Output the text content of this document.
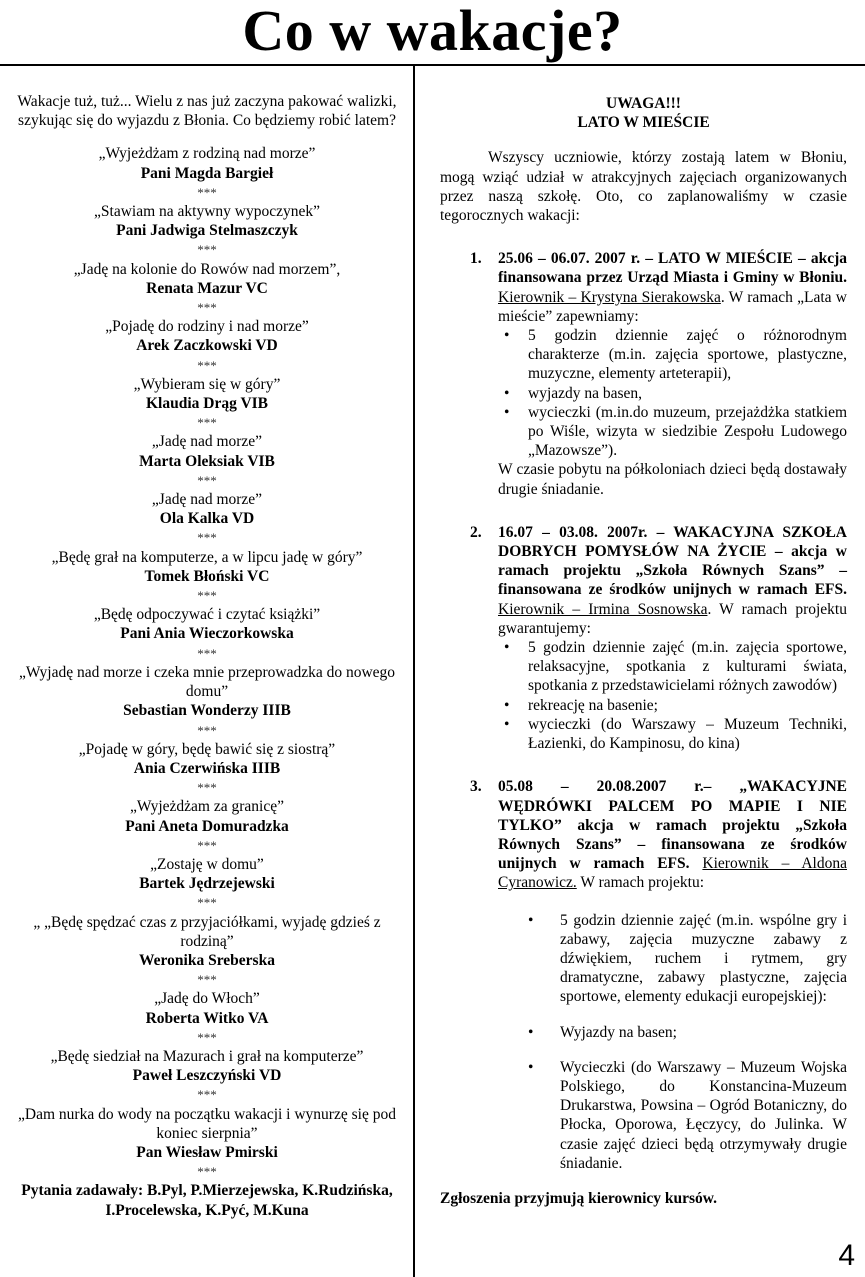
Co w wakacje?
Wakacje tuż, tuż... Wielu z nas już zaczyna pakować walizki, szykując się do wyjazdu z Błonia. Co będziemy robić latem?
„Wyjeżdżam z rodziną nad morze”
Pani Magda Bargieł
***
„Stawiam na aktywny wypoczynek”
Pani Jadwiga Stelmaszczyk
***
„Jadę na kolonie do Rowów nad morzem”,
Renata Mazur VC
***
„Pojadę do rodziny i nad morze”
Arek Zaczkowski VD
***
„Wybieram się w góry”
Klaudia Drąg VIB
***
„Jadę nad morze”
Marta Oleksiak VIB
***
„Jadę nad morze”
Ola Kalka VD
***
„Będę grał na komputerze, a w lipcu jadę w góry”
Tomek Błoński VC
***
„Będę odpoczywać i czytać książki”
Pani Ania Wieczorkowska
***
„Wyjadę nad morze i czeka mnie przeprowadzka do nowego domu”
Sebastian Wonderzy IIIB
***
„Pojadę w góry, będę bawić się z siostrą”
Ania Czerwińska IIIB
***
„Wyjeżdżam za granicę”
Pani Aneta Domuradzka
***
„Zostaję w domu”
Bartek Jędrzejewski
***
„ „Będę spędzać czas z przyjaciółkami, wyjadę gdzieś z rodziną”
Weronika Sreberska
***
„Jadę do Włoch”
Roberta Witko VA
***
„Będę siedział na Mazurach i grał na komputerze”
Paweł Leszczyński VD
***
„Dam nurka do wody na początku wakacji i wynurzę się pod koniec sierpnia”
Pan Wiesław Pmirski
***
Pytania zadawały: B.Pyl, P.Mierzejewska, K.Rudzińska, I.Procelewska, K.Pyć, M.Kuna
UWAGA!!!
LATO W MIEŚCIE
Wszyscy uczniowie, którzy zostają latem w Błoniu, mogą wziąć udział w atrakcyjnych zajęciach organizowanych przez naszą szkołę. Oto, co zaplanowaliśmy w czasie tegorocznych wakacji:
1. 25.06 – 06.07. 2007 r. – LATO W MIEŚCIE – akcja finansowana przez Urząd Miasta i Gminy w Błoniu. Kierownik – Krystyna Sierakowska. W ramach „Lata w mieście” zapewniamy:
• 5 godzin dziennie zajęć o różnorodnym charakterze (m.in. zajęcia sportowe, plastyczne, muzyczne, elementy arteterapii),
• wyjazdy na basen,
• wycieczki (m.in.do muzeum, przejażdżka statkiem po Wiśle, wizyta w siedzibie Zespołu Ludowego „Mazowsze”).
W czasie pobytu na półkoloniach dzieci będą dostawały drugie śniadanie.
2. 16.07 – 03.08. 2007r. – WAKACYJNA SZKOŁA DOBRYCH POMYSŁÓW NA ŻYCIE – akcja w ramach projektu „Szkoła Równych Szans” – finansowana ze środków unijnych w ramach EFS. Kierownik – Irmina Sosnowska. W ramach projektu gwarantujemy:
• 5 godzin dziennie zajęć (m.in. zajęcia sportowe, relaksacyjne, spotkania z kulturami świata, spotkania z przedstawicielami różnych zawodów)
• rekreację na basenie;
• wycieczki (do Warszawy – Muzeum Techniki, Łazienki, do Kampinosu, do kina)
3. 05.08 – 20.08.2007 r.– „WAKACYJNE WĘDRÓWKI PALCEM PO MAPIE I NIE TYLKO” akcja w ramach projektu „Szkoła Równych Szans” – finansowana ze środków unijnych w ramach EFS. Kierownik – Aldona Cyranowicz. W ramach projektu:
• 5 godzin dziennie zajęć (m.in. wspólne gry i zabawy, zajęcia muzyczne zabawy z dźwiękiem, ruchem i rytmem, gry dramatyczne, zabawy plastyczne, zajęcia sportowe, elementy edukacji europejskiej):
• Wyjazdy na basen;
• Wycieczki (do Warszawy – Muzeum Wojska Polskiego, do Konstancina-Muzeum Drukarstwa, Powsina – Ogród Botaniczny, do Płocka, Oporowa, Łęczycy, do Julinka. W czasie zajęć dzieci będą otrzymywały drugie śniadanie.
Zgłoszenia przyjmują kierownicy kursów.
4
